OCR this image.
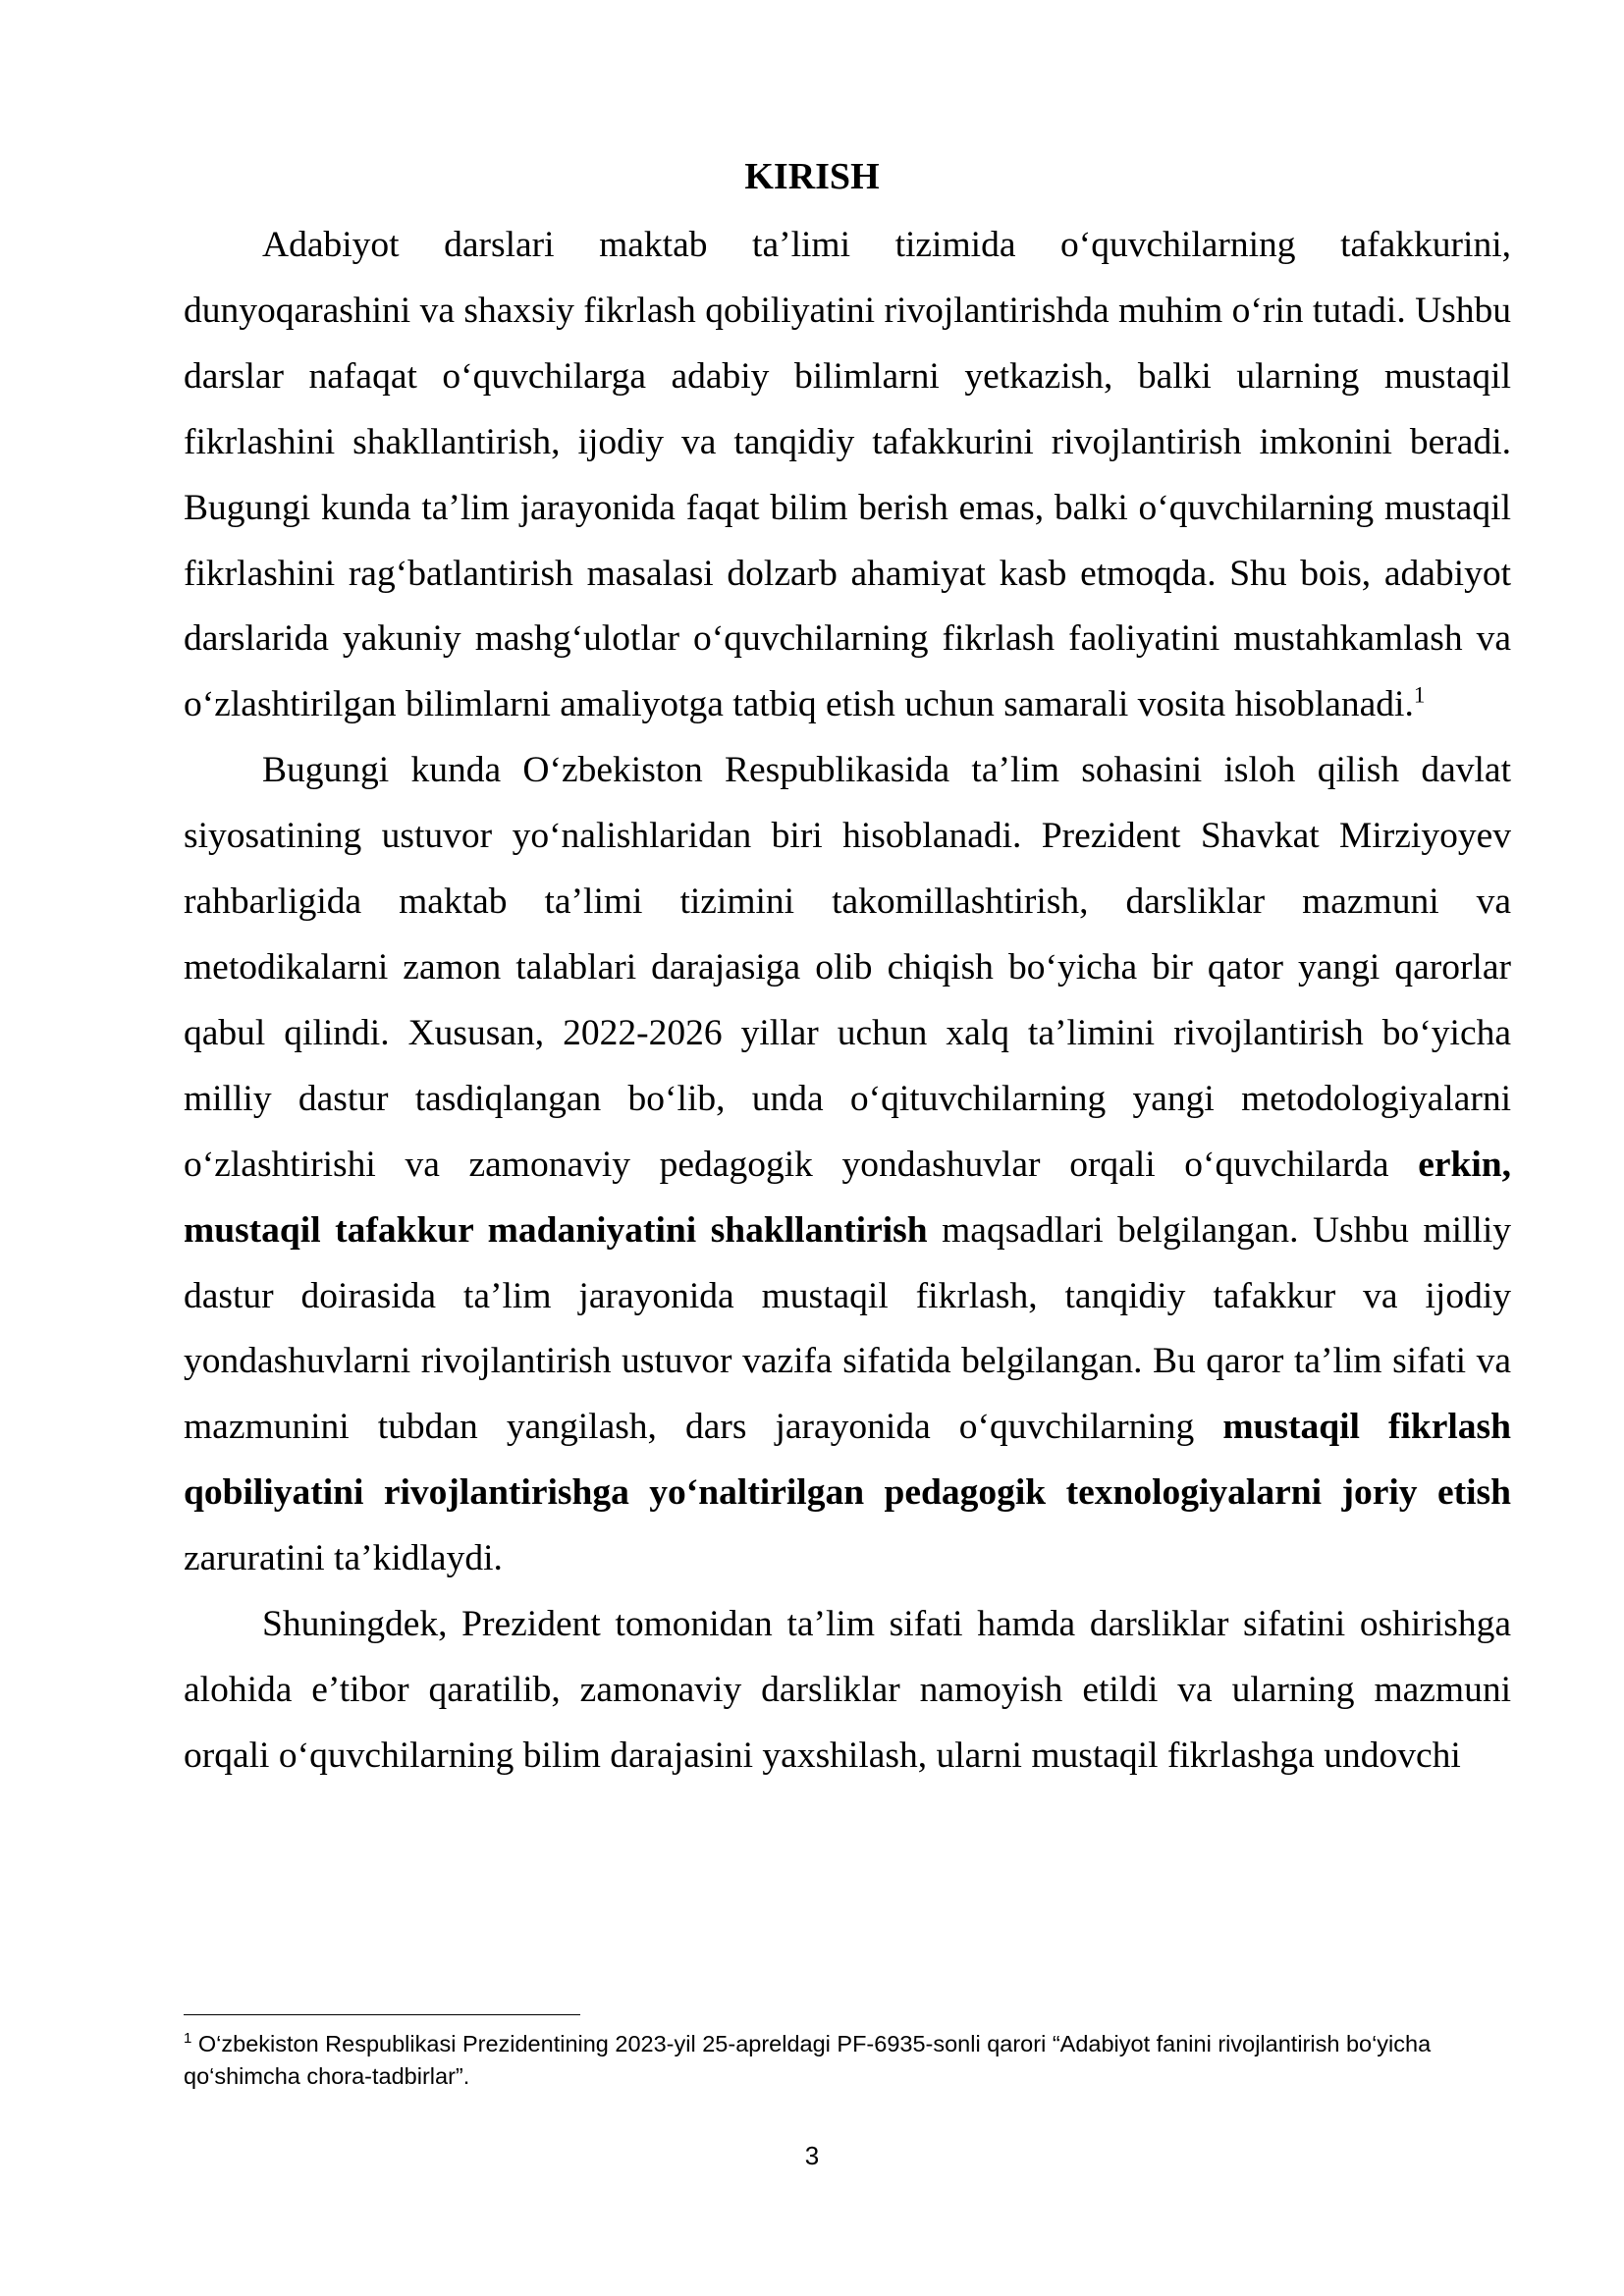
KIRISH

Adabiyot darslari maktab ta’limi tizimida o‘quvchilarning tafakkurini, dunyoqarashini va shaxsiy fikrlash qobiliyatini rivojlantirishda muhim o‘rin tutadi. Ushbu darslar nafaqat o‘quvchilarga adabiy bilimlarni yetkazish, balki ularning mustaqil fikrlashini shakllantirish, ijodiy va tanqidiy tafakkurini rivojlantirish imkonini beradi. Bugungi kunda ta’lim jarayonida faqat bilim berish emas, balki o‘quvchilarning mustaqil fikrlashini rag‘batlantirish masalasi dolzarb ahamiyat kasb etmoqda. Shu bois, adabiyot darslarida yakuniy mashg‘ulotlar o‘quvchilarning fikrlash faoliyatini mustahkamlash va o‘zlashtirilgan bilimlarni amaliyotga tatbiq etish uchun samarali vosita hisoblanadi.$^1$

Bugungi kunda O‘zbekiston Respublikasida ta’lim sohasini isloh qilish davlat siyosatining ustuvor yo‘nalishlaridan biri hisoblanadi. Prezident Shavkat Mirziyoyev rahbarligida maktab ta’limi tizimini takomillashtirish, darsliklar mazmuni va metodikalarni zamon talablari darajasiga olib chiqish bo‘yicha bir qator yangi qarorlar qabul qilindi. Xususan, 2022-2026 yillar uchun xalq ta’limini rivojlantirish bo‘yicha milliy dastur tasdiqlangan bo‘lib, unda o‘qituvchilarning yangi metodologiyalarni o‘zlashtirishi va zamonaviy pedagogik yondashuvlar orqali o‘quvchilarda erkin, mustaqil tafakkur madaniyatini shakllantirish maqsadlari belgilangan. Ushbu milliy dastur doirasida ta’lim jarayonida mustaqil fikrlash, tanqidiy tafakkur va ijodiy yondashuvlarni rivojlantirish ustuvor vazifa sifatida belgilangan. Bu qaror ta’lim sifati va mazmunini tubdan yangilash, dars jarayonida o‘quvchilarning mustaqil fikrlash qobiliyatini rivojlantirishga yo‘naltirilgan pedagogik texnologiyalarni joriy etish zaruratini ta’kidlaydi.

Shuningdek, Prezident tomonidan ta’lim sifati hamda darsliklar sifatini oshirishga alohida e’tibor qaratilib, zamonaviy darsliklar namoyish etildi va ularning mazmuni orqali o‘quvchilarning bilim darajasini yaxshilash, ularni mustaqil fikrlashga undovchi

$^1$ O‘zbekiston Respublikasi Prezidentining 2023-yil 25-apreldagi PF-6935-sonli qarori “Adabiyot fanini rivojlantirish bo‘yicha qo‘shimcha chora-tadbirlar”.

3
